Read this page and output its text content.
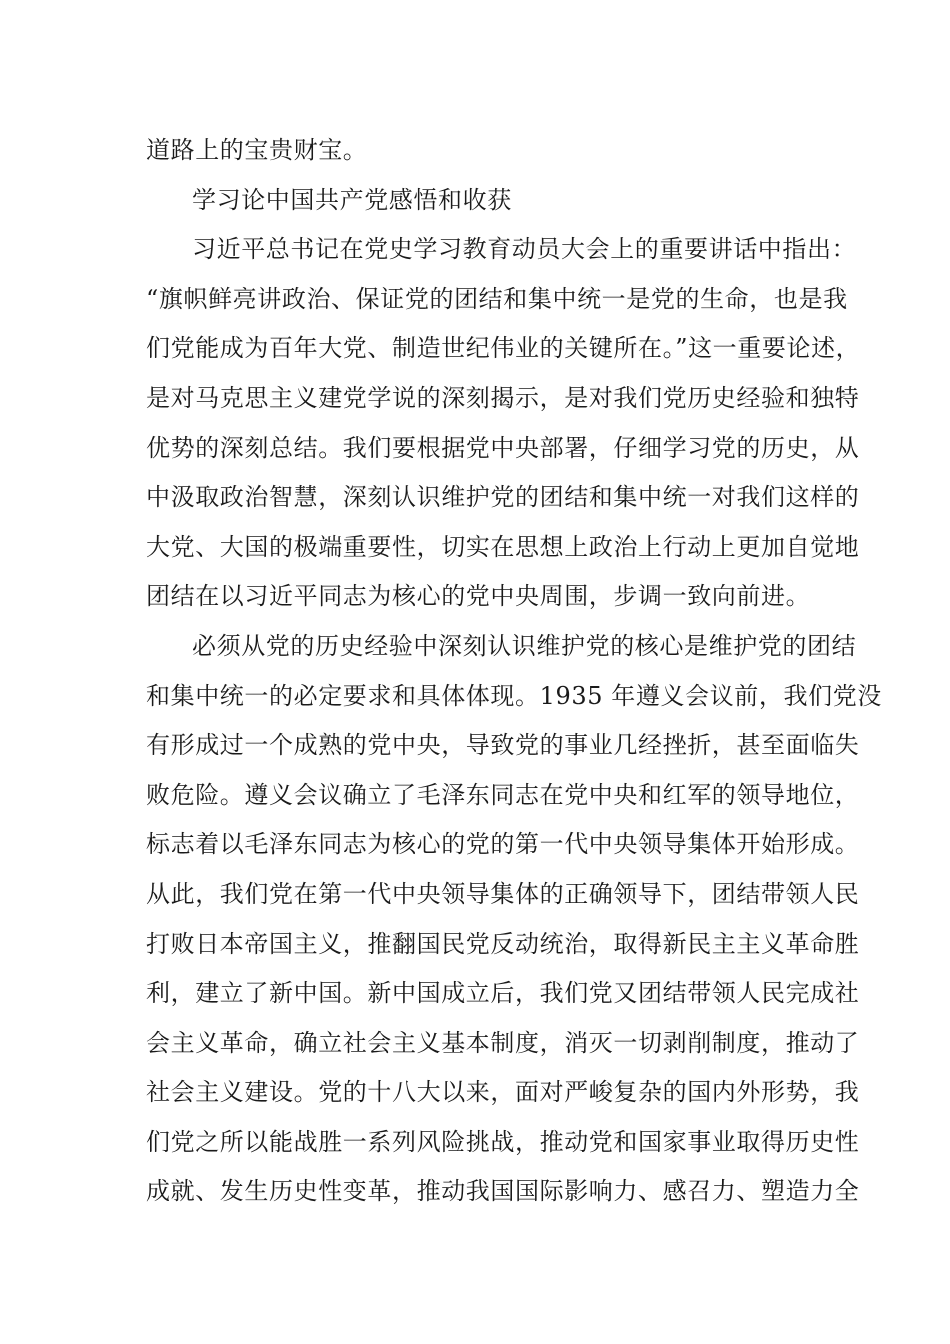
道路上的宝贵财宝。
学习论中国共产党感悟和收获
习近平总书记在党史学习教育动员大会上的重要讲话中指出：
“旗帜鲜亮讲政治、保证党的团结和集中统一是党的生命，也是我
们党能成为百年大党、制造世纪伟业的关键所在。”这一重要论述，
是对马克思主义建党学说的深刻揭示，是对我们党历史经验和独特
优势的深刻总结。我们要根据党中央部署，仔细学习党的历史，从
中汲取政治智慧，深刻认识维护党的团结和集中统一对我们这样的
大党、大国的极端重要性，切实在思想上政治上行动上更加自觉地
团结在以习近平同志为核心的党中央周围，步调一致向前进。
必须从党的历史经验中深刻认识维护党的核心是维护党的团结
和集中统一的必定要求和具体体现。1935 年遵义会议前，我们党没
有形成过一个成熟的党中央，导致党的事业几经挫折，甚至面临失
败危险。遵义会议确立了毛泽东同志在党中央和红军的领导地位，
标志着以毛泽东同志为核心的党的第一代中央领导集体开始形成。
从此，我们党在第一代中央领导集体的正确领导下，团结带领人民
打败日本帝国主义，推翻国民党反动统治，取得新民主主义革命胜
利，建立了新中国。新中国成立后，我们党又团结带领人民完成社
会主义革命，确立社会主义基本制度，消灭一切剥削制度，推动了
社会主义建设。党的十八大以来，面对严峻复杂的国内外形势，我
们党之所以能战胜一系列风险挑战，推动党和国家事业取得历史性
成就、发生历史性变革，推动我国国际影响力、感召力、塑造力全
